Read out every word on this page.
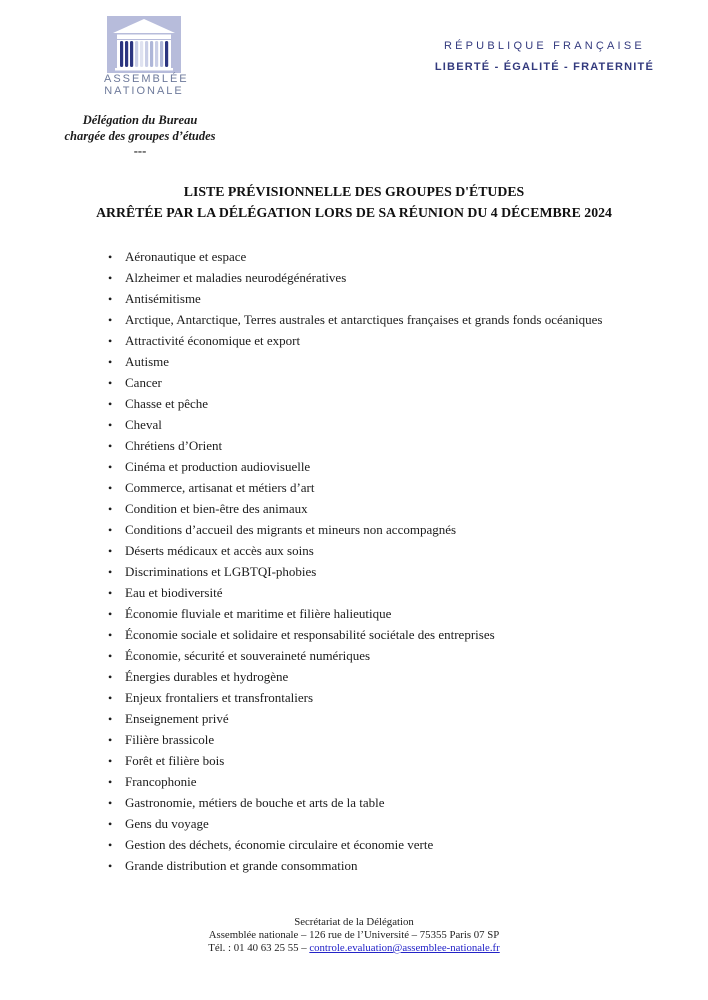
ASSEMBLÉE
NATIONALE
RÉPUBLIQUE FRANÇAISE
LIBERTÉ - ÉGALITÉ - FRATERNITÉ
Délégation du Bureau
chargée des groupes d’études
---
LISTE PRÉVISIONNELLE DES GROUPES D'ÉTUDES
ARRÊTÉE PAR LA DÉLÉGATION LORS DE SA RÉUNION DU 4 DÉCEMBRE 2024
• Aéronautique et espace
• Alzheimer et maladies neurodégénératives
• Antisémitisme
• Arctique, Antarctique, Terres australes et antarctiques françaises et grands fonds océaniques
• Attractivité économique et export
• Autisme
• Cancer
• Chasse et pêche
• Cheval
• Chrétiens d’Orient
• Cinéma et production audiovisuelle
• Commerce, artisanat et métiers d’art
• Condition et bien-être des animaux
• Conditions d’accueil des migrants et mineurs non accompagnés
• Déserts médicaux et accès aux soins
• Discriminations et LGBTQI-phobies
• Eau et biodiversité
• Économie fluviale et maritime et filière halieutique
• Économie sociale et solidaire et responsabilité sociétale des entreprises
• Économie, sécurité et souveraineté numériques
• Énergies durables et hydrogène
• Enjeux frontaliers et transfrontaliers
• Enseignement privé
• Filière brassicole
• Forêt et filière bois
• Francophonie
• Gastronomie, métiers de bouche et arts de la table
• Gens du voyage
• Gestion des déchets, économie circulaire et économie verte
• Grande distribution et grande consommation
Secrétariat de la Délégation
Assemblée nationale – 126 rue de l’Université – 75355 Paris 07 SP
Tél. : 01 40 63 25 55 – controle.evaluation@assemblee-nationale.fr
